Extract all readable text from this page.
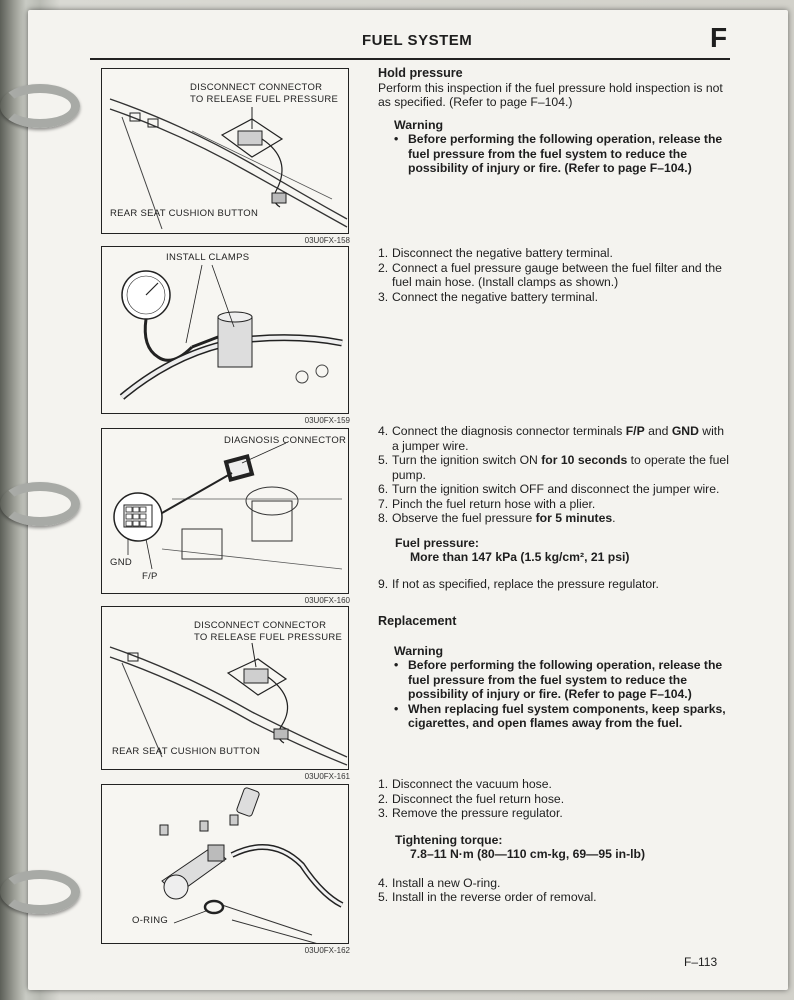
FUEL SYSTEM	F
DISCONNECT CONNECTOR
TO RELEASE FUEL PRESSURE
REAR SEAT CUSHION BUTTON
03U0FX-158
INSTALL CLAMPS
03U0FX-159
DIAGNOSIS CONNECTOR
GND
F/P
03U0FX-160
DISCONNECT CONNECTOR
TO RELEASE FUEL PRESSURE
REAR SEAT CUSHION BUTTON
03U0FX-161
O-RING
03U0FX-162
Hold pressure

Perform this inspection if the fuel pressure hold inspection is not as specified. (Refer to page F–104.)

Warning
• Before performing the following operation, release the fuel pressure from the fuel system to reduce the possibility of injury or fire. (Refer to page F–104.)
1. Disconnect the negative battery terminal.
2. Connect a fuel pressure gauge between the fuel filter and the fuel main hose. (Install clamps as shown.)
3. Connect the negative battery terminal.
4. Connect the diagnosis connector terminals F/P and GND with a jumper wire.
5. Turn the ignition switch ON for 10 seconds to operate the fuel pump.
6. Turn the ignition switch OFF and disconnect the jumper wire.
7. Pinch the fuel return hose with a plier.
8. Observe the fuel pressure for 5 minutes.
Fuel pressure:
More than 147 kPa (1.5 kg/cm², 21 psi)
9. If not as specified, replace the pressure regulator.
Replacement
Warning
• Before performing the following operation, release the fuel pressure from the fuel system to reduce the possibility of injury or fire. (Refer to page F–104.)
• When replacing fuel system components, keep sparks, cigarettes, and open flames away from the fuel.
1. Disconnect the vacuum hose.
2. Disconnect the fuel return hose.
3. Remove the pressure regulator.
Tightening torque:
7.8–11 N·m (80—110 cm-kg, 69—95 in-lb)
4. Install a new O-ring.
5. Install in the reverse order of removal.
F–113
